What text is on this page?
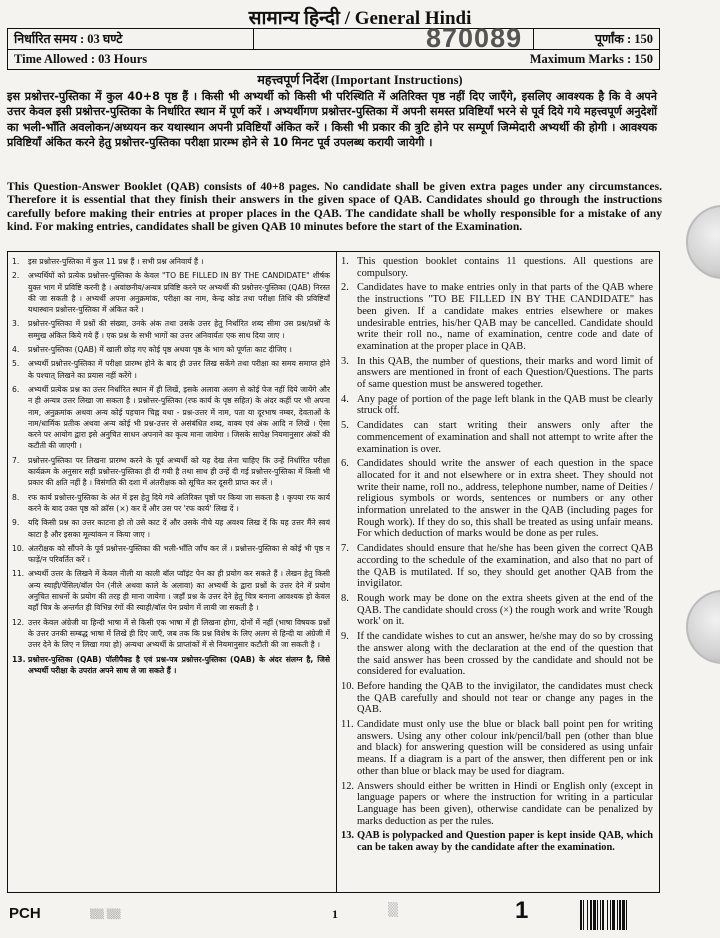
सामान्य हिन्दी / General Hindi
निर्धारित समय : 03 घण्टे	870089	पूर्णांक : 150
Time Allowed : 03 Hours	Maximum Marks : 150
महत्त्वपूर्ण निर्देश (Important Instructions)
इस प्रश्नोत्तर-पुस्तिका में कुल 40+8 पृष्ठ हैं । किसी भी अभ्यर्थी को किसी भी परिस्थिति में अतिरिक्त पृष्ठ नहीं दिए जाएँगे, इसलिए आवश्यक है कि वे अपने उत्तर केवल इसी प्रश्नोत्तर-पुस्तिका के निर्धारित स्थान में पूर्ण करें । अभ्यर्थीगण प्रश्नोत्तर-पुस्तिका में अपनी समस्त प्रविष्टियाँ भरने से पूर्व दिये गये महत्त्वपूर्ण अनुदेशों का भली-भाँति अवलोकन/अध्ययन कर यथास्थान अपनी प्रविष्टियाँ अंकित करें । किसी भी प्रकार की त्रुटि होने पर सम्पूर्ण जिम्मेदारी अभ्यर्थी की होगी । आवश्यक प्रविष्टियाँ अंकित करने हेतु प्रश्नोत्तर-पुस्तिका परीक्षा प्रारम्भ होने से 10 मिनट पूर्व उपलब्ध करायी जायेगी ।
This Question-Answer Booklet (QAB) consists of 40+8 pages. No candidate shall be given extra pages under any circumstances. Therefore it is essential that they finish their answers in the given space of QAB. Candidates should go through the instructions carefully before making their entries at proper places in the QAB. The candidate shall be wholly responsible for a mistake of any kind. For making entries, candidates shall be given QAB 10 minutes before the start of the Examination.
1. इस प्रश्नोत्तर-पुस्तिका में कुल 11 प्रश्न हैं । सभी प्रश्न अनिवार्य हैं ।
2. अभ्यर्थियों को प्रत्येक प्रश्नोत्तर-पुस्तिका के केवल "TO BE FILLED IN BY THE CANDIDATE" शीर्षक युक्त भाग में प्रविष्टि करनी है । अवांछनीय/अन्यत्र प्रविष्टि करने पर अभ्यर्थी की प्रश्नोत्तर-पुस्तिका (QAB) निरस्त की जा सकती है । अभ्यर्थी अपना अनुक्रमांक, परीक्षा का नाम, केन्द्र कोड तथा परीक्षा तिथि की प्रविष्टियाँ यथास्थान प्रश्नोत्तर-पुस्तिका में अंकित करें ।
3. प्रश्नोत्तर-पुस्तिका में प्रश्नों की संख्या, उनके अंक तथा उसके उत्तर हेतु निर्धारित शब्द सीमा उस प्रश्न/प्रश्नों के सम्मुख अंकित किये गये हैं । एक प्रश्न के सभी भागों का उत्तर अनिवार्यतः एक साथ दिया जाए ।
4. प्रश्नोत्तर-पुस्तिका (QAB) में खाली छोड़ गए कोई पृष्ठ अथवा पृष्ठ के भाग को पूर्णतः काट दीजिए ।
5. अभ्यर्थी प्रश्नोत्तर-पुस्तिका में परीक्षा प्रारम्भ होने के बाद ही उत्तर लिख सकेंगे तथा परीक्षा का समय समाप्त होने के पश्चात् लिखने का प्रयास नहीं करेंगे ।
6. अभ्यर्थी प्रत्येक प्रश्न का उत्तर निर्धारित स्थान में ही लिखें, इसके अलावा अलग से कोई पेज नहीं दिये जायेंगे और न ही अन्यत्र उत्तर लिखा जा सकता है । प्रश्नोत्तर-पुस्तिका (रफ कार्य के पृष्ठ सहित) के अंदर कहीं पर भी अपना नाम, अनुक्रमांक अथवा अन्य कोई पहचान चिह्न यथा - प्रश्न-उत्तर में नाम, पता या दूरभाष नम्बर, देवताओं के नाम/धार्मिक प्रतीक अथवा अन्य कोई भी प्रश्न-उत्तर से असंबंधित शब्द, वाक्य एवं अंक आदि न लिखें । ऐसा करने पर आयोग द्वारा इसे अनुचित साधन अपनाने का कृत्य माना जायेगा । जिसके सापेक्ष नियमानुसार अंकों की कटौती की जाएगी ।
7. प्रश्नोत्तर-पुस्तिका पर लिखना प्रारम्भ करने के पूर्व अभ्यर्थी को यह देख लेना चाहिए कि उन्हें निर्धारित परीक्षा कार्यक्रम के अनुसार सही प्रश्नोत्तर-पुस्तिका ही दी गयी है तथा साथ ही उन्हें दी गई प्रश्नोत्तर-पुस्तिका में किसी भी प्रकार की क्षति नहीं है । विसंगति की दशा में अंतरीक्षक को सूचित कर दूसरी प्राप्त कर लें ।
8. रफ कार्य प्रश्नोत्तर-पुस्तिका के अंत में इस हेतु दिये गये अतिरिक्त पृष्ठों पर किया जा सकता है । कृपया रफ कार्य करने के बाद उक्त पृष्ठ को क्रॉस (×) कर दें और उस पर 'रफ कार्य' लिख दें ।
9. यदि किसी प्रश्न का उत्तर काटना हो तो उसे काट दें और उसके नीचे यह अवश्य लिख दें कि यह उत्तर मैंने स्वयं काटा है और इसका मूल्यांकन न किया जाए ।
10. अंतरीक्षक को सौंपने के पूर्व प्रश्नोत्तर-पुस्तिका की भली-भाँति जाँच कर लें । प्रश्नोत्तर-पुस्तिका से कोई भी पृष्ठ न फाड़ें/न परिवर्तित करें ।
11. अभ्यर्थी उत्तर के लिखने में केवल नीली या काली बॉल प्वॉइंट पेन का ही प्रयोग कर सकते हैं । लेखन हेतु किसी अन्य स्याही/पेंसिल/बॉल पेन (नीले अथवा काले के अलावा) का अभ्यर्थी के द्वारा प्रश्नों के उत्तर देने में प्रयोग अनुचित साधनों के प्रयोग की तरह ही माना जायेगा । जहाँ प्रश्न के उत्तर देने हेतु चित्र बनाना आवश्यक हो केवल वहाँ चित्र के अन्तर्गत ही विभिन्न रंगों की स्याही/बॉल पेन प्रयोग में लायी जा सकती है ।
12. उत्तर केवल अंग्रेजी या हिन्दी भाषा में से किसी एक भाषा में ही लिखना होगा, दोनों में नहीं (भाषा विषयक प्रश्नों के उत्तर उनकी सम्बद्ध भाषा में लिखे ही दिए जाएँ, जब तक कि प्रश्न विशेष के लिए अलग से हिन्दी या अंग्रेजी में उत्तर देने के लिए न लिखा गया हो) अन्यथा अभ्यर्थी के प्राप्तांकों में से नियमानुसार कटौती की जा सकती है ।
13. प्रश्नोत्तर-पुस्तिका (QAB) पॉलीपैक्ड है एवं प्रश्न-पत्र प्रश्नोत्तर-पुस्तिका (QAB) के अंदर संलग्न है, जिसे अभ्यर्थी परीक्षा के उपरांत अपने साथ ले जा सकते हैं ।
1. This question booklet contains 11 questions. All questions are compulsory.
2. Candidates have to make entries only in that parts of the QAB where the instructions "TO BE FILLED IN BY THE CANDIDATE" has been given. If a candidate makes entries elsewhere or makes undesirable entries, his/her QAB may be cancelled. Candidate should write their roll no., name of examination, centre code and date of examination at the proper place in QAB.
3. In this QAB, the number of questions, their marks and word limit of answers are mentioned in front of each Question/Questions. The parts of same question must be answered together.
4. Any page of portion of the page left blank in the QAB must be clearly struck off.
5. Candidates can start writing their answers only after the commencement of examination and shall not attempt to write after the examination is over.
6. Candidates should write the answer of each question in the space allocated for it and not elsewhere or in extra sheet. They should not write their name, roll no., address, telephone number, name of Deities / religious symbols or words, sentences or numbers or any other information unrelated to the answer in the QAB (including pages for Rough work). If they do so, this shall be treated as using unfair means. For which deduction of marks would be done as per rules.
7. Candidates should ensure that he/she has been given the correct QAB according to the schedule of the examination, and also that no part of the QAB is mutilated. If so, they should get another QAB from the invigilator.
8. Rough work may be done on the extra sheets given at the end of the QAB. The candidate should cross (×) the rough work and write 'Rough work' on it.
9. If the candidate wishes to cut an answer, he/she may do so by crossing the answer along with the declaration at the end of the question that the said answer has been crossed by the candidate and should not be considered for evaluation.
10. Before handing the QAB to the invigilator, the candidates must check the QAB carefully and should not tear or change any pages in the QAB.
11. Candidate must only use the blue or black ball point pen for writing answers. Using any other colour ink/pencil/ball pen (other than blue and black) for answering question will be considered as using unfair means. If a diagram is a part of the answer, then different pen or ink other than blue or black may be used for diagram.
12. Answers should either be written in Hindi or English only (except in language papers or where the instruction for writing in a particular Language has been given), otherwise candidate can be penalized by marks deduction as per the rules.
13. QAB is polypacked and Question paper is kept inside QAB, which can be taken away by the candidate after the examination.
PCH	▒▒ ▒▒	1	▒	1
